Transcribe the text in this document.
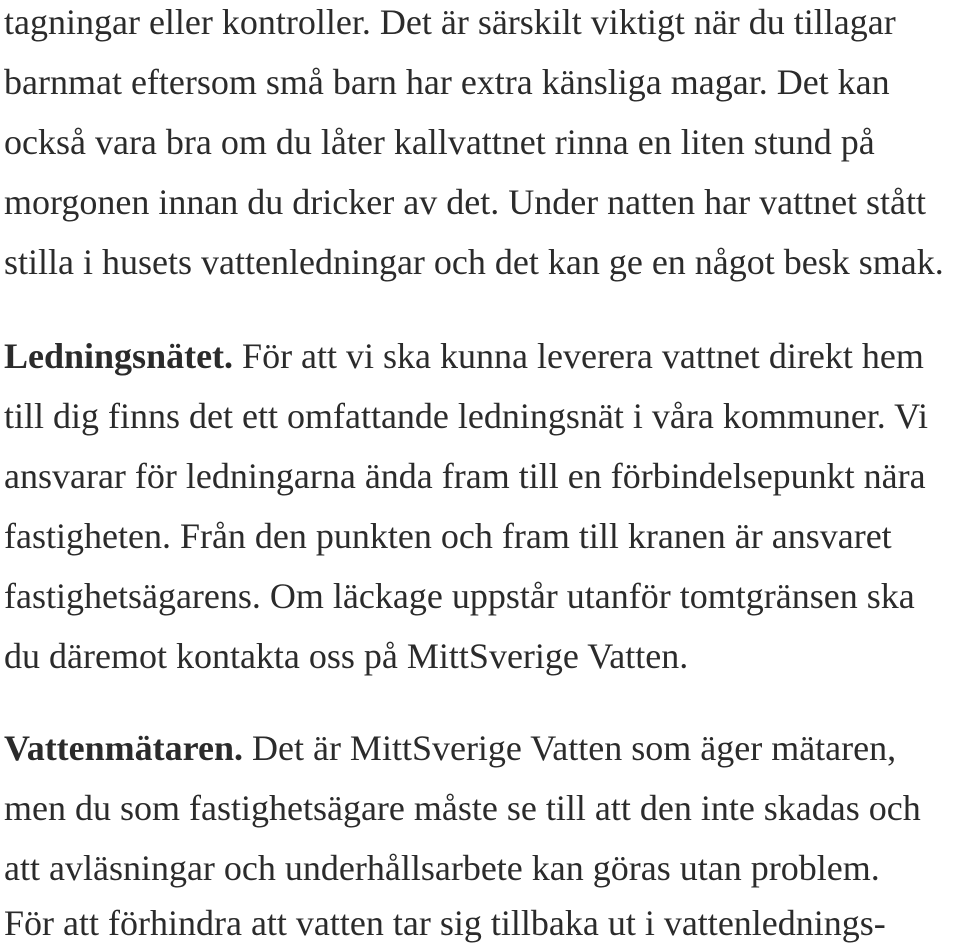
tagningar eller kontroller. Det är särskilt viktigt när du tillagar
barnmat eftersom små barn har extra känsliga magar. Det kan
också vara bra om du låter kallvattnet rinna en liten stund på
morgonen innan du dricker av det. Under natten har vattnet stått
stilla i husets vattenledningar och det kan ge en något besk smak.
Ledningsnätet. För att vi ska kunna leverera vattnet direkt hem
till dig finns det ett omfattande ledningsnät i våra kommuner. Vi
ansvarar för ledningarna ända fram till en förbindelsepunkt nära
fastigheten. Från den punkten och fram till kranen är ansvaret
fastighetsägarens. Om läckage uppstår utanför tomtgränsen ska
du däremot kontakta oss på MittSverige Vatten.
Vattenmätaren. Det är MittSverige Vatten som äger mätaren,
men du som fastighetsägare måste se till att den inte skadas och
att avläsningar och underhållsarbete kan göras utan problem.
För att förhindra att vatten tar sig tillbaka ut i vattenlednings-
